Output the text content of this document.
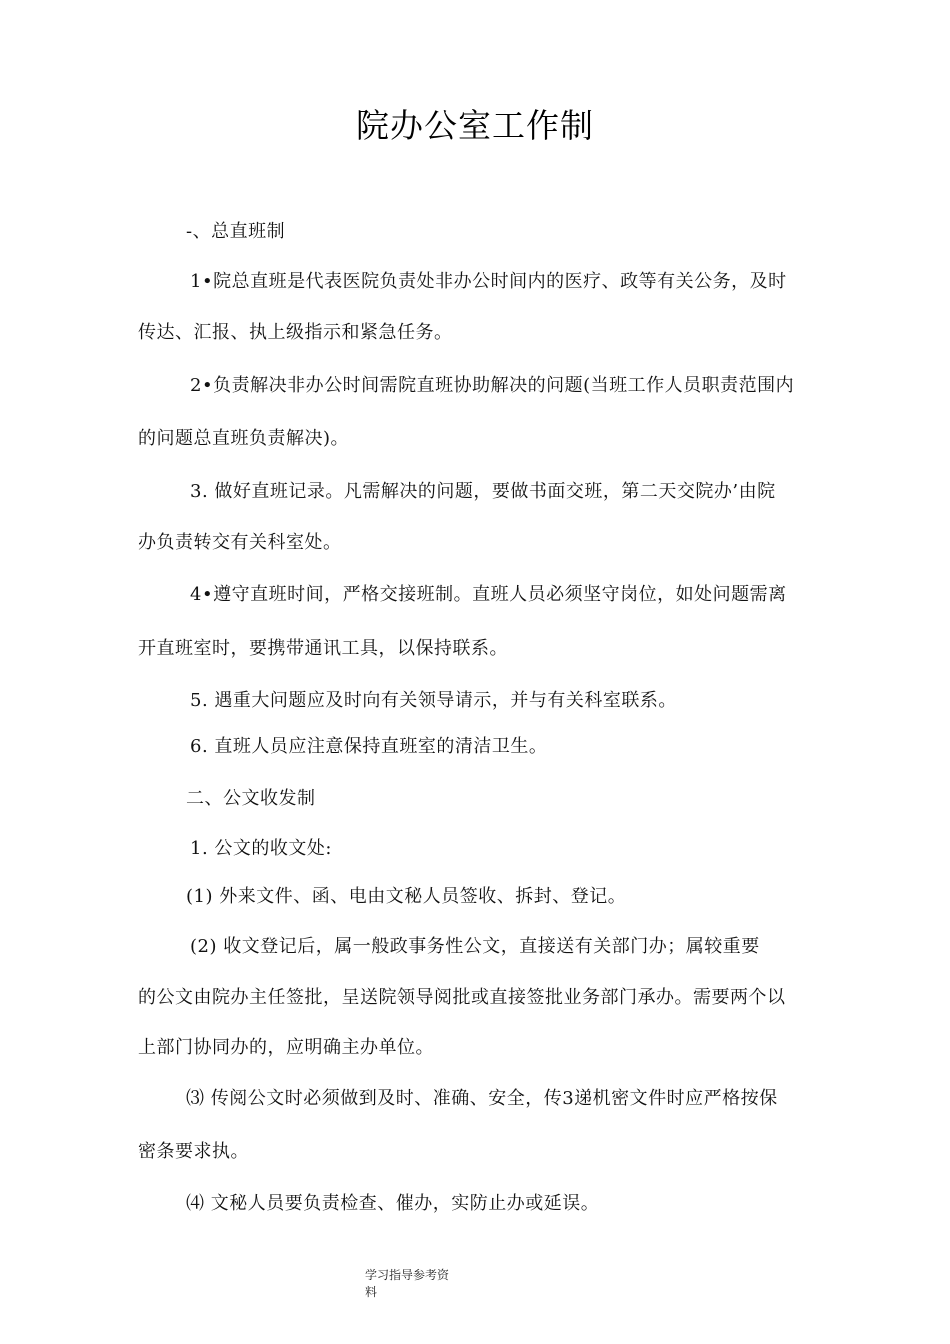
院办公室工作制
-、总直班制
1•院总直班是代表医院负责处非办公时间内的医疗、政等有关公务，及时
传达、汇报、执上级指示和紧急任务。
2•负责解决非办公时间需院直班协助解决的问题(当班工作人员职责范围内
的问题总直班负责解决)。
3. 做好直班记录。凡需解决的问题，要做书面交班，第二天交院办’由院
办负责转交有关科室处。
4•遵守直班时间，严格交接班制。直班人员必须坚守岗位，如处问题需离
开直班室时，要携带通讯工具，以保持联系。
5. 遇重大问题应及时向有关领导请示，并与有关科室联系。
6. 直班人员应注意保持直班室的清洁卫生。
二、公文收发制
1. 公文的收文处:
(1) 外来文件、函、电由文秘人员签收、拆封、登记。
(2) 收文登记后，属一般政事务性公文，直接送有关部门办；属较重要
的公文由院办主任签批，呈送院领导阅批或直接签批业务部门承办。需要两个以
上部门协同办的，应明确主办单位。
⑶ 传阅公文时必须做到及时、准确、安全，传3递机密文件时应严格按保
密条要求执。
⑷ 文秘人员要负责检查、催办，实防止办或延误。
学习指导参考资
料
